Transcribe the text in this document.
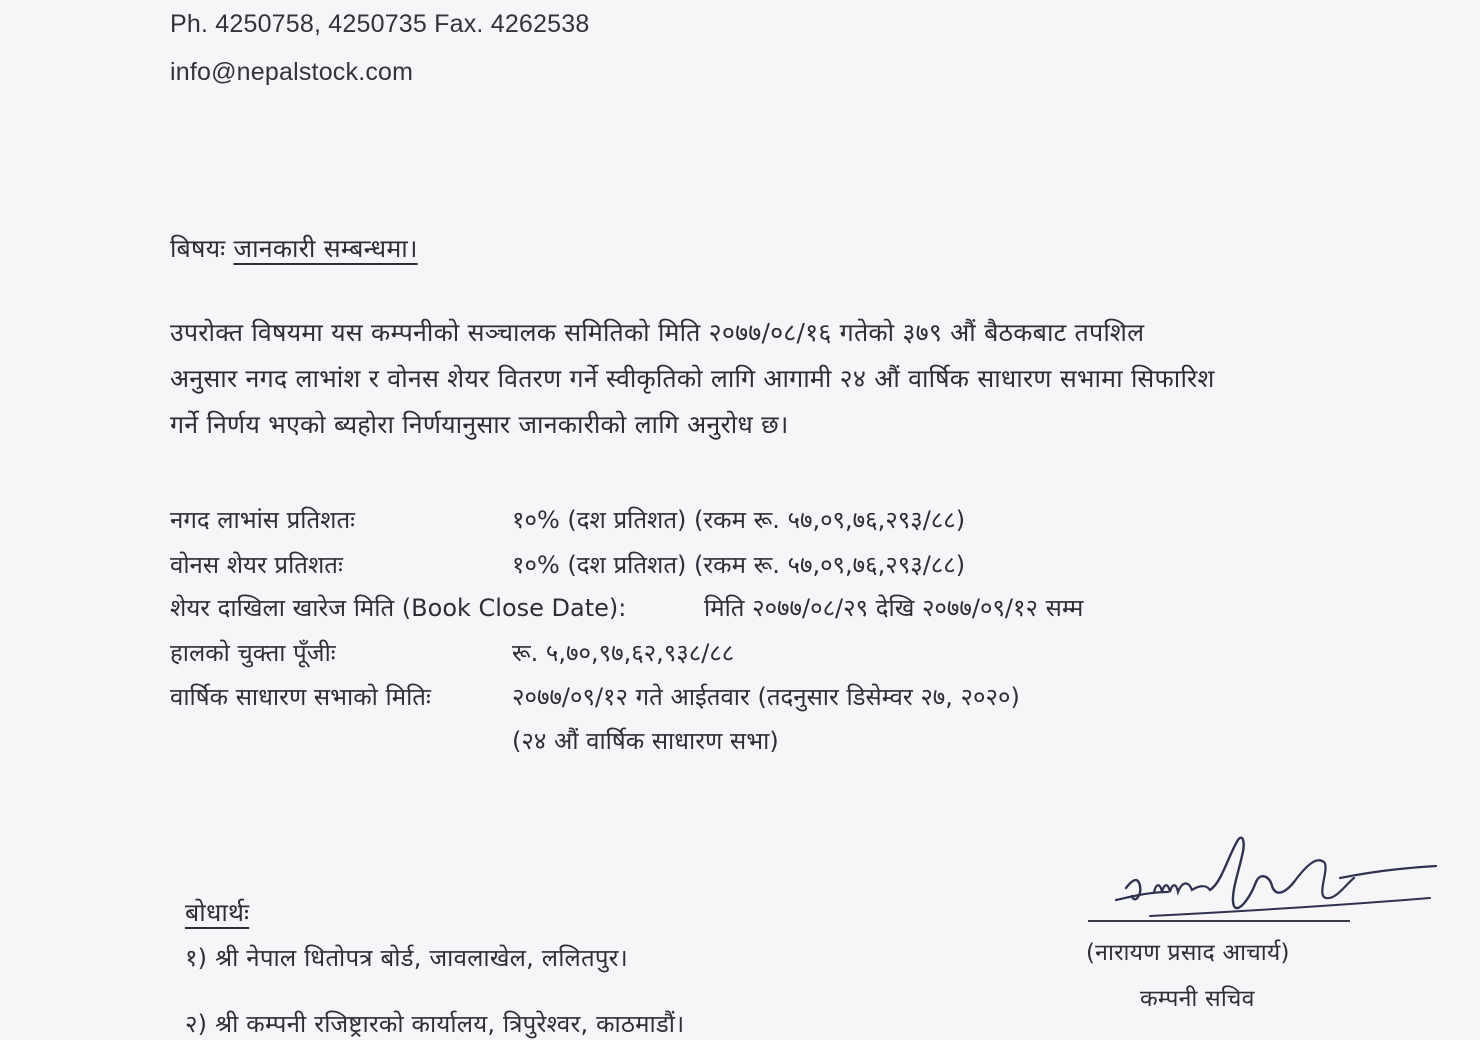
Ph. 4250758, 4250735 Fax. 4262538
info@nepalstock.com
बिषयः जानकारी सम्बन्धमा।
उपरोक्त विषयमा यस कम्पनीको सञ्चालक समितिको मिति २०७७/०८/१६ गतेको ३७९ औं बैठकबाट तपशिल
अनुसार नगद लाभांश र वोनस शेयर वितरण गर्ने स्वीकृतिको लागि आगामी २४ औं वार्षिक साधारण सभामा सिफारिश
गर्ने निर्णय भएको ब्यहोरा निर्णयानुसार जानकारीको लागि अनुरोध छ।
नगद लाभांस प्रतिशतः	१०% (दश प्रतिशत) (रकम रू. ५७,०९,७६,२९३/८८)
वोनस शेयर प्रतिशतः	१०% (दश प्रतिशत) (रकम रू. ५७,०९,७६,२९३/८८)
शेयर दाखिला खारेज मिति (Book Close Date):	मिति २०७७/०८/२९ देखि २०७७/०९/१२ सम्म
हालको चुक्ता पूँजीः	रू. ५,७०,९७,६२,९३८/८८
वार्षिक साधारण सभाको मितिः	२०७७/०९/१२ गते आईतवार (तदनुसार डिसेम्वर २७, २०२०)
(२४ औं वार्षिक साधारण सभा)
बोधार्थः
१) श्री नेपाल धितोपत्र बोर्ड, जावलाखेल, ललितपुर।
२) श्री कम्पनी रजिष्ट्रारको कार्यालय, त्रिपुरेश्वर, काठमाडौं।
(नारायण प्रसाद आचार्य)
कम्पनी सचिव
